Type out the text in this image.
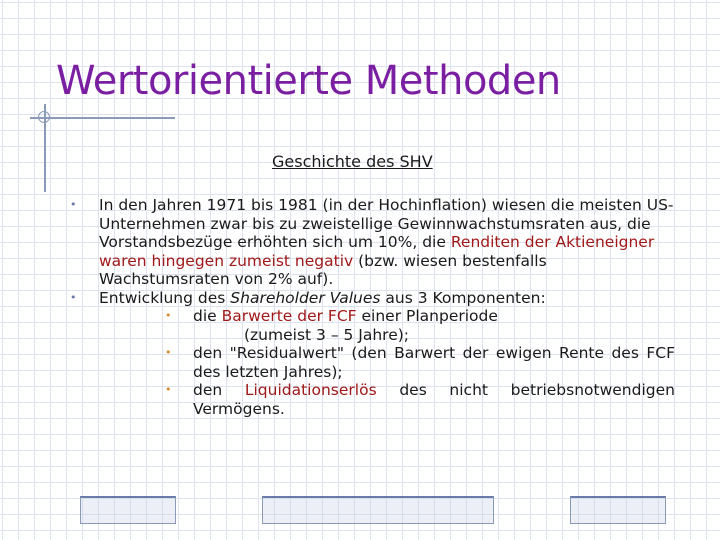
Wertorientierte Methoden
Geschichte des SHV
• In den Jahren 1971 bis 1981 (in der Hochinflation) wiesen die meisten US-Unternehmen zwar bis zu zweistellige Gewinnwachstumsraten aus, die Vorstandsbezüge erhöhten sich um 10%, die Renditen der Aktieneigner waren hingegen zumeist negativ (bzw. wiesen bestenfalls Wachstumsraten von 2% auf).
• Entwicklung des Shareholder Values aus 3 Komponenten:
• die Barwerte der FCF einer Planperiode
(zumeist 3 – 5 Jahre);
• den "Residualwert" (den Barwert der ewigen Rente des FCF des letzten Jahres);
• den Liquidationserlös des nicht betriebsnotwendigen Vermögens.
